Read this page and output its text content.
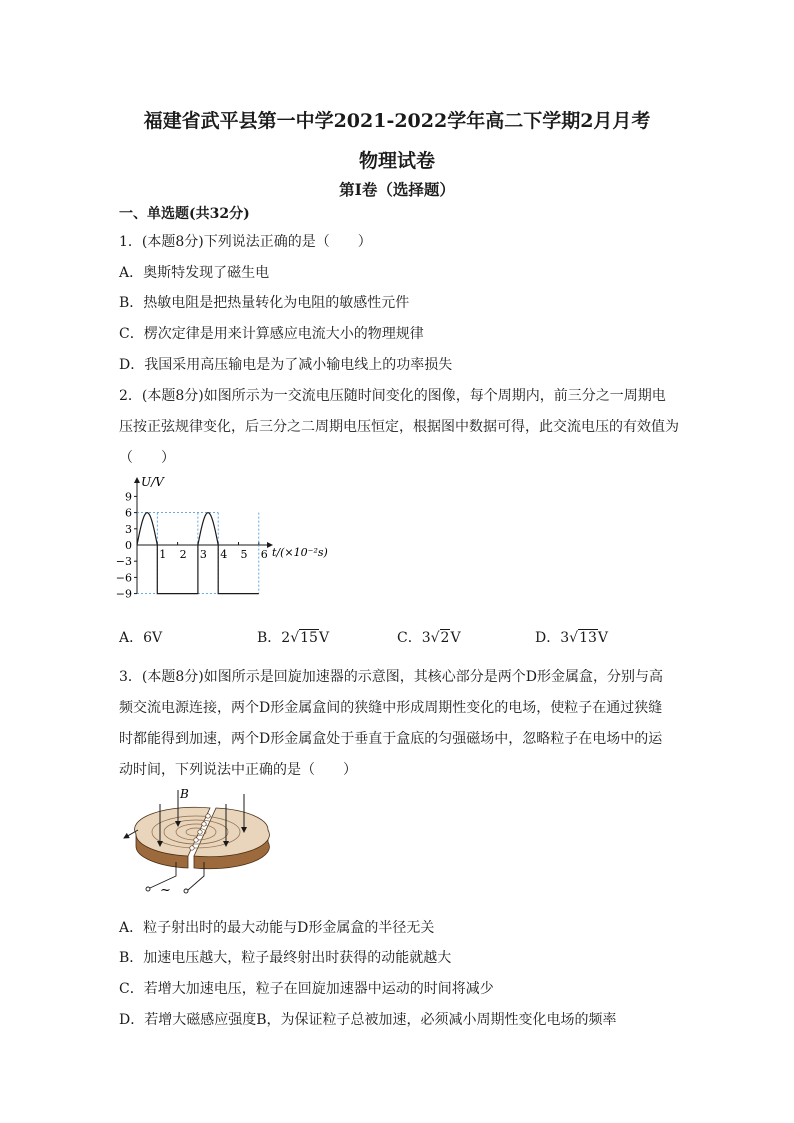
福建省武平县第一中学2021-2022学年高二下学期2月月考
物理试卷
第I卷（选择题）
一、单选题(共32分)
1．(本题8分)下列说法正确的是（　　）
A．奥斯特发现了磁生电
B．热敏电阻是把热量转化为电阻的敏感性元件
C．楞次定律是用来计算感应电流大小的物理规律
D．我国采用高压输电是为了减小输电线上的功率损失
2．(本题8分)如图所示为一交流电压随时间变化的图像，每个周期内，前三分之一周期电
压按正弦规律变化，后三分之二周期电压恒定，根据图中数据可得，此交流电压的有效值为
（　　）
U/V
t/(×10⁻²s)
9
6
3
0
−3
−6
−9
1 2 3 4 5 6
A．6V	B．2√15V	C．3√2V	D．3√13V
3．(本题8分)如图所示是回旋加速器的示意图，其核心部分是两个D形金属盒，分别与高
频交流电源连接，两个D形金属盒间的狭缝中形成周期性变化的电场，使粒子在通过狭缝
时都能得到加速，两个D形金属盒处于垂直于盒底的匀强磁场中，忽略粒子在电场中的运
动时间，下列说法中正确的是（　　）
B
~
A．粒子射出时的最大动能与D形金属盒的半径无关
B．加速电压越大，粒子最终射出时获得的动能就越大
C．若增大加速电压，粒子在回旋加速器中运动的时间将减少
D．若增大磁感应强度B，为保证粒子总被加速，必须减小周期性变化电场的频率
